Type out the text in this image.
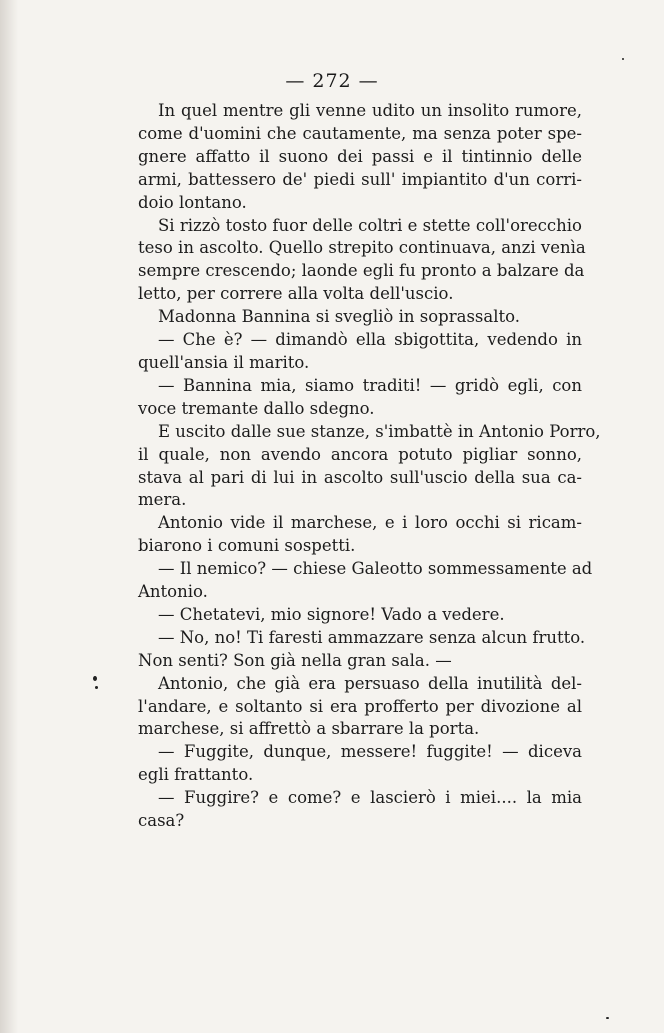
— 272 —
In quel mentre gli venne udito un insolito rumore,
come d'uomini che cautamente, ma senza poter spe-
gnere affatto il suono dei passi e il tintinnio delle
armi, battessero de' piedi sull' impiantito d'un corri-
doio lontano.
Si rizzò tosto fuor delle coltri e stette coll'orecchio
teso in ascolto. Quello strepito continuava, anzi venìa
sempre crescendo; laonde egli fu pronto a balzare da
letto, per correre alla volta dell'uscio.
Madonna Bannina si svegliò in soprassalto.
— Che è? — dimandò ella sbigottita, vedendo in
quell'ansia il marito.
— Bannina mia, siamo traditi! — gridò egli, con
voce tremante dallo sdegno.
E uscito dalle sue stanze, s'imbattè in Antonio Porro,
il quale, non avendo ancora potuto pigliar sonno,
stava al pari di lui in ascolto sull'uscio della sua ca-
mera.
Antonio vide il marchese, e i loro occhi si ricam-
biarono i comuni sospetti.
— Il nemico? — chiese Galeotto sommessamente ad
Antonio.
— Chetatevi, mio signore! Vado a vedere.
— No, no! Ti faresti ammazzare senza alcun frutto.
Non senti? Son già nella gran sala. —
Antonio, che già era persuaso della inutilità del-
l'andare, e soltanto si era profferto per divozione al
marchese, si affrettò a sbarrare la porta.
— Fuggite, dunque, messere! fuggite! — diceva
egli frattanto.
— Fuggire? e come? e lascierò i miei.... la mia
casa?
